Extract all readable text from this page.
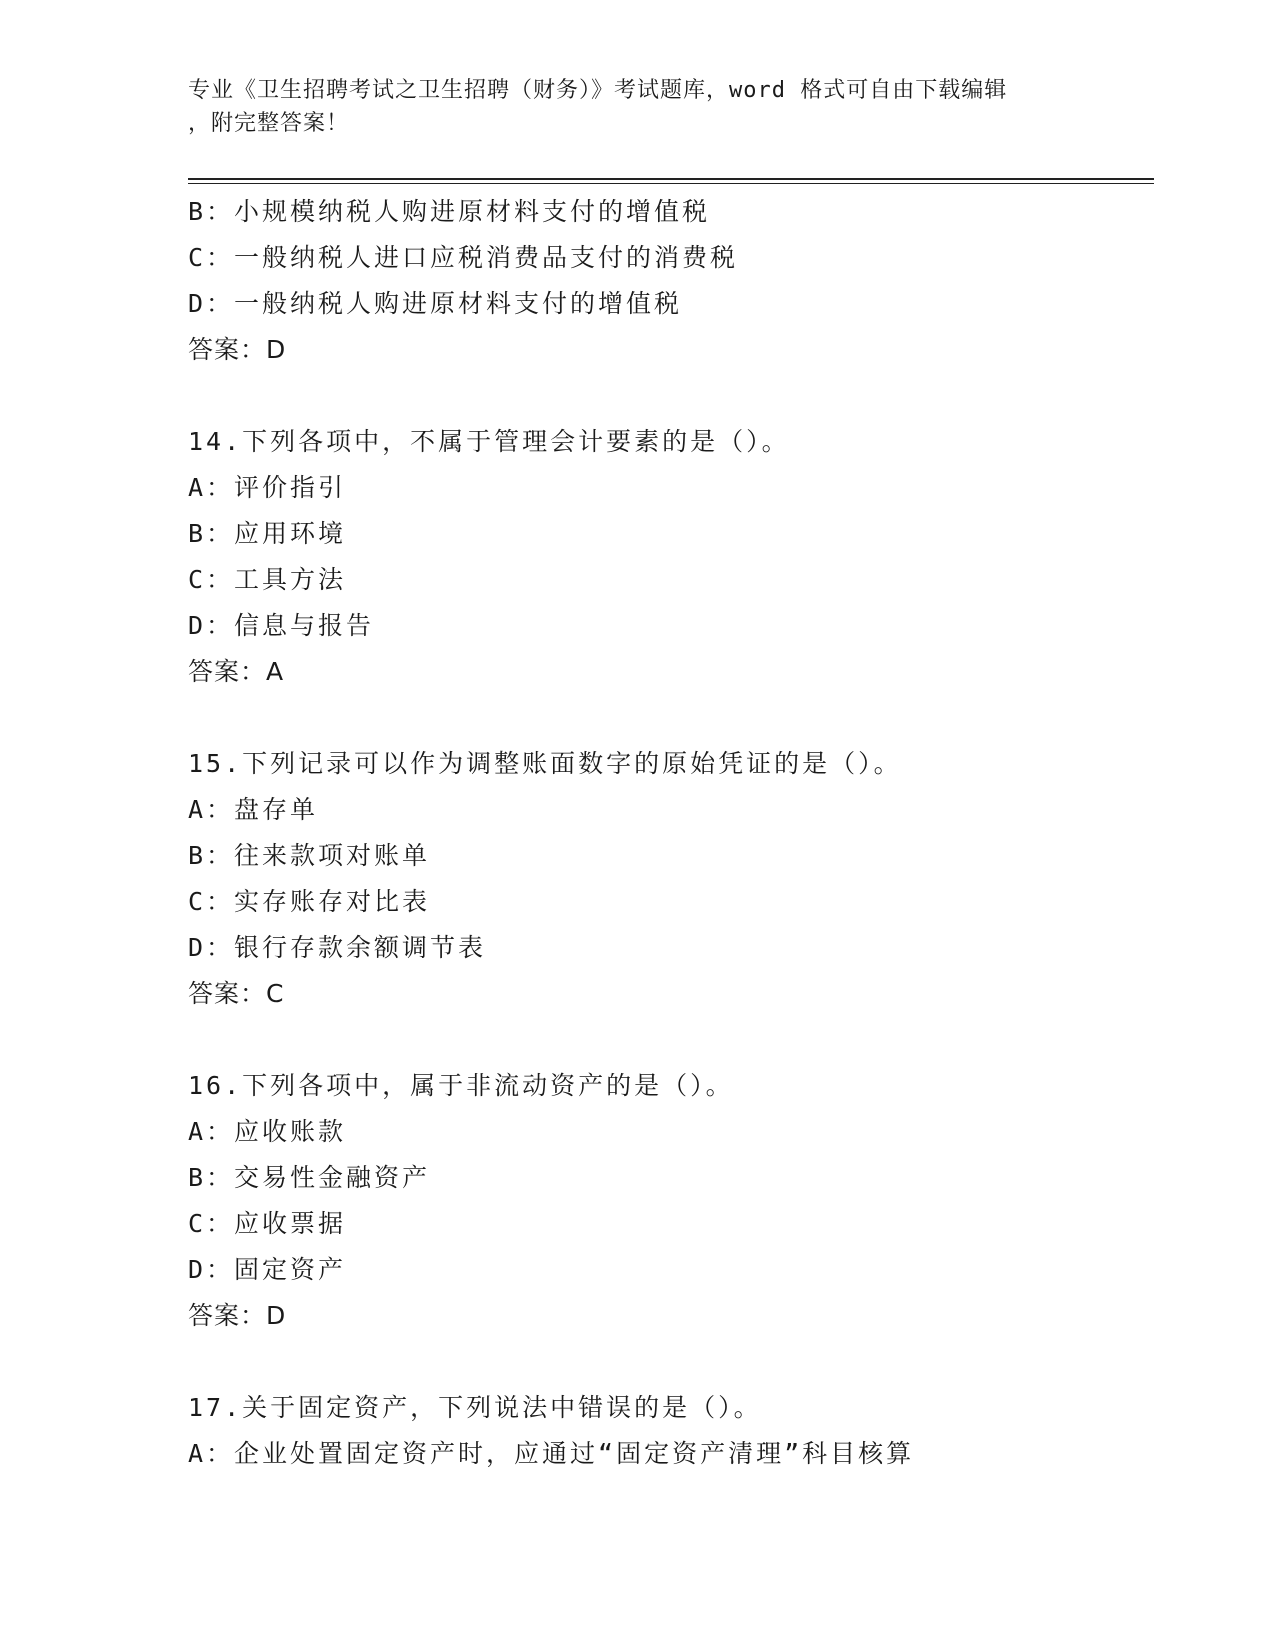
专业《卫生招聘考试之卫生招聘（财务）》考试题库，word 格式可自由下载编辑
，附完整答案！
B：小规模纳税人购进原材料支付的增值税
C：一般纳税人进口应税消费品支付的消费税
D：一般纳税人购进原材料支付的增值税
答案：D
14.下列各项中，不属于管理会计要素的是（）。
A：评价指引
B：应用环境
C：工具方法
D：信息与报告
答案：A
15.下列记录可以作为调整账面数字的原始凭证的是（）。
A：盘存单
B：往来款项对账单
C：实存账存对比表
D：银行存款余额调节表
答案：C
16.下列各项中，属于非流动资产的是（）。
A：应收账款
B：交易性金融资产
C：应收票据
D：固定资产
答案：D
17.关于固定资产，下列说法中错误的是（）。
A：企业处置固定资产时，应通过“固定资产清理”科目核算
